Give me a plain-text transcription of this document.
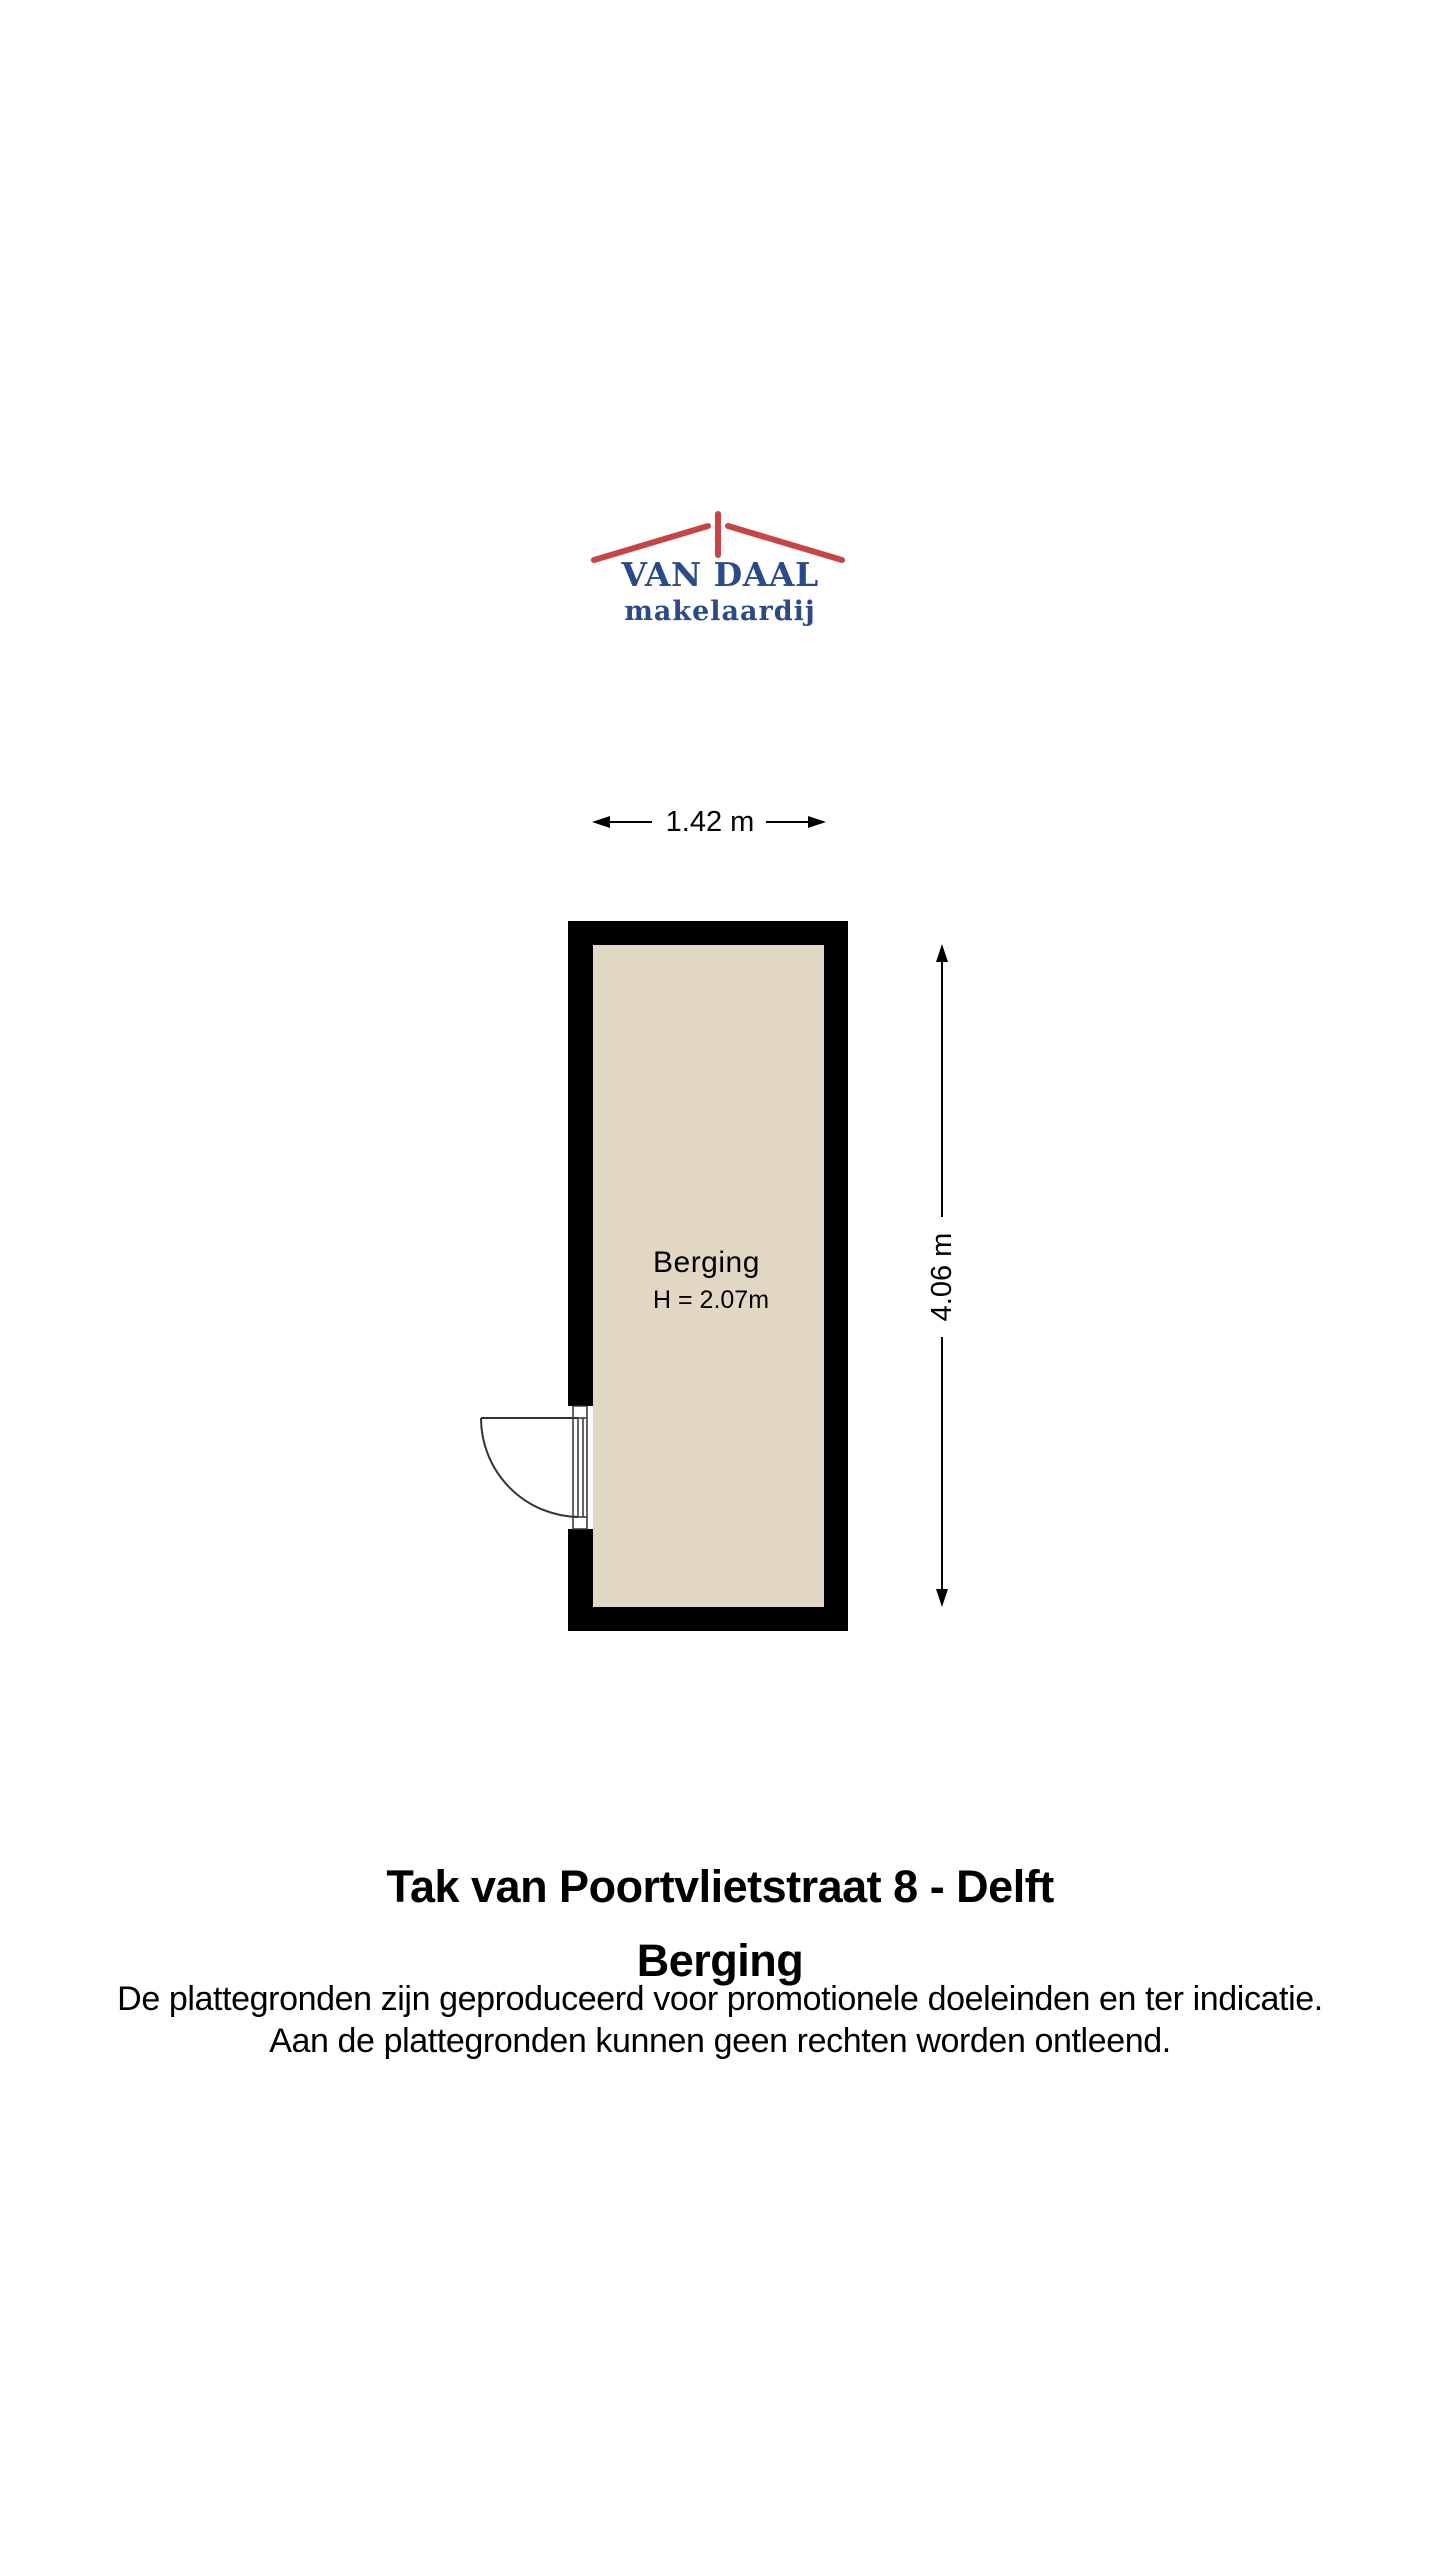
VAN DAAL
makelaardij
1.42 m
4.06 m
Berging
H = 2.07m
Tak van Poortvlietstraat 8 - Delft
Berging
De plattegronden zijn geproduceerd voor promotionele doeleinden en ter indicatie.
Aan de plattegronden kunnen geen rechten worden ontleend.
